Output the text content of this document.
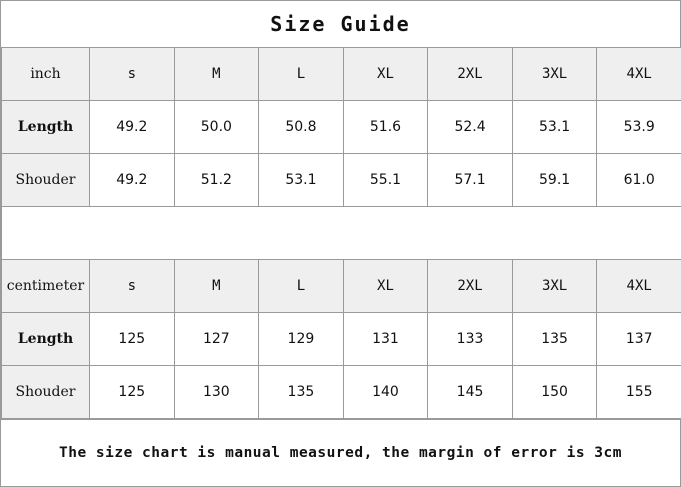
Size Guide
inch	s	M	L	XL	2XL	3XL	4XL
Length	49.2	50.0	50.8	51.6	52.4	53.1	53.9
Shouder	49.2	51.2	53.1	55.1	57.1	59.1	61.0

centimeter	s	M	L	XL	2XL	3XL	4XL
Length	125	127	129	131	133	135	137
Shouder	125	130	135	140	145	150	155
The size chart is manual measured, the margin of error is 3cm
